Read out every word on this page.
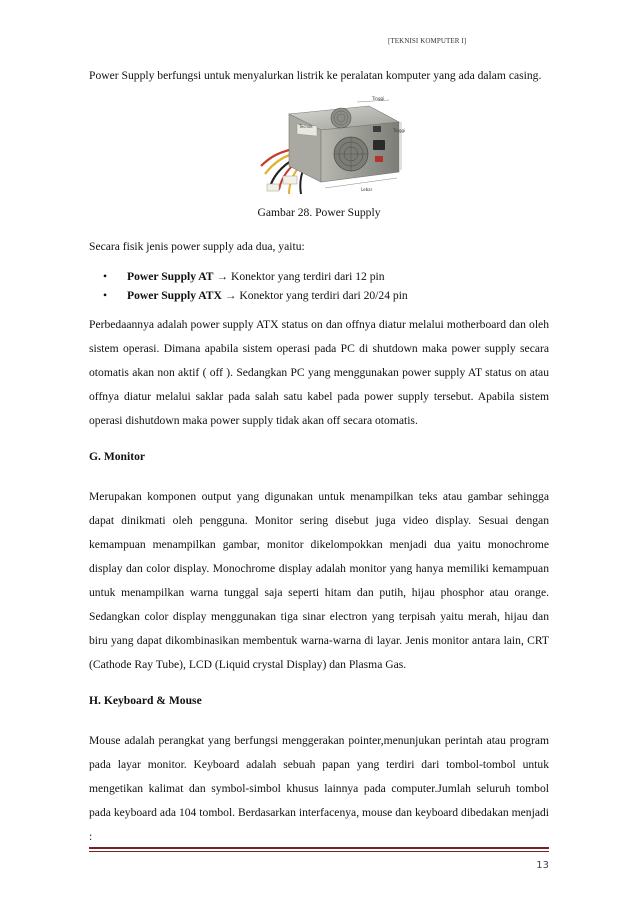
[TEKNISI KOMPUTER I]

Power Supply berfungsi untuk menyalurkan listrik ke peralatan komputer yang ada dalam casing.

Tecnok
Tinggi
Tinggi
Lebar
Gambar 28. Power Supply

Secara fisik jenis power supply ada dua, yaitu:

• Power Supply AT → Konektor yang terdiri dari 12 pin
• Power Supply ATX → Konektor yang terdiri dari 20/24 pin

Perbedaannya adalah power supply ATX status on dan offnya diatur melalui motherboard dan oleh sistem operasi. Dimana apabila sistem operasi pada PC di shutdown maka power supply secara otomatis akan non aktif ( off ). Sedangkan PC yang menggunakan power supply AT status on atau offnya diatur melalui saklar pada salah satu kabel pada power supply tersebut. Apabila sistem operasi dishutdown maka power supply tidak akan off secara otomatis.

G. Monitor

Merupakan komponen output yang digunakan untuk menampilkan teks atau gambar sehingga dapat dinikmati oleh pengguna. Monitor sering disebut juga video display. Sesuai dengan kemampuan menampilkan gambar, monitor dikelompokkan menjadi dua yaitu monochrome display dan color display. Monochrome display adalah monitor yang hanya memiliki kemampuan untuk menampilkan warna tunggal saja seperti hitam dan putih, hijau phosphor atau orange. Sedangkan color display menggunakan tiga sinar electron yang terpisah yaitu merah, hijau dan biru yang dapat dikombinasikan membentuk warna-warna di layar. Jenis monitor antara lain, CRT (Cathode Ray Tube), LCD (Liquid crystal Display) dan Plasma Gas.

H. Keyboard & Mouse

Mouse adalah perangkat yang berfungsi menggerakan pointer,menunjukan perintah atau program pada layar monitor. Keyboard adalah sebuah papan yang terdiri dari tombol-tombol untuk mengetikan kalimat dan symbol-simbol khusus lainnya pada computer.Jumlah seluruh tombol pada keyboard ada 104 tombol. Berdasarkan interfacenya, mouse dan keyboard dibedakan menjadi :

13
